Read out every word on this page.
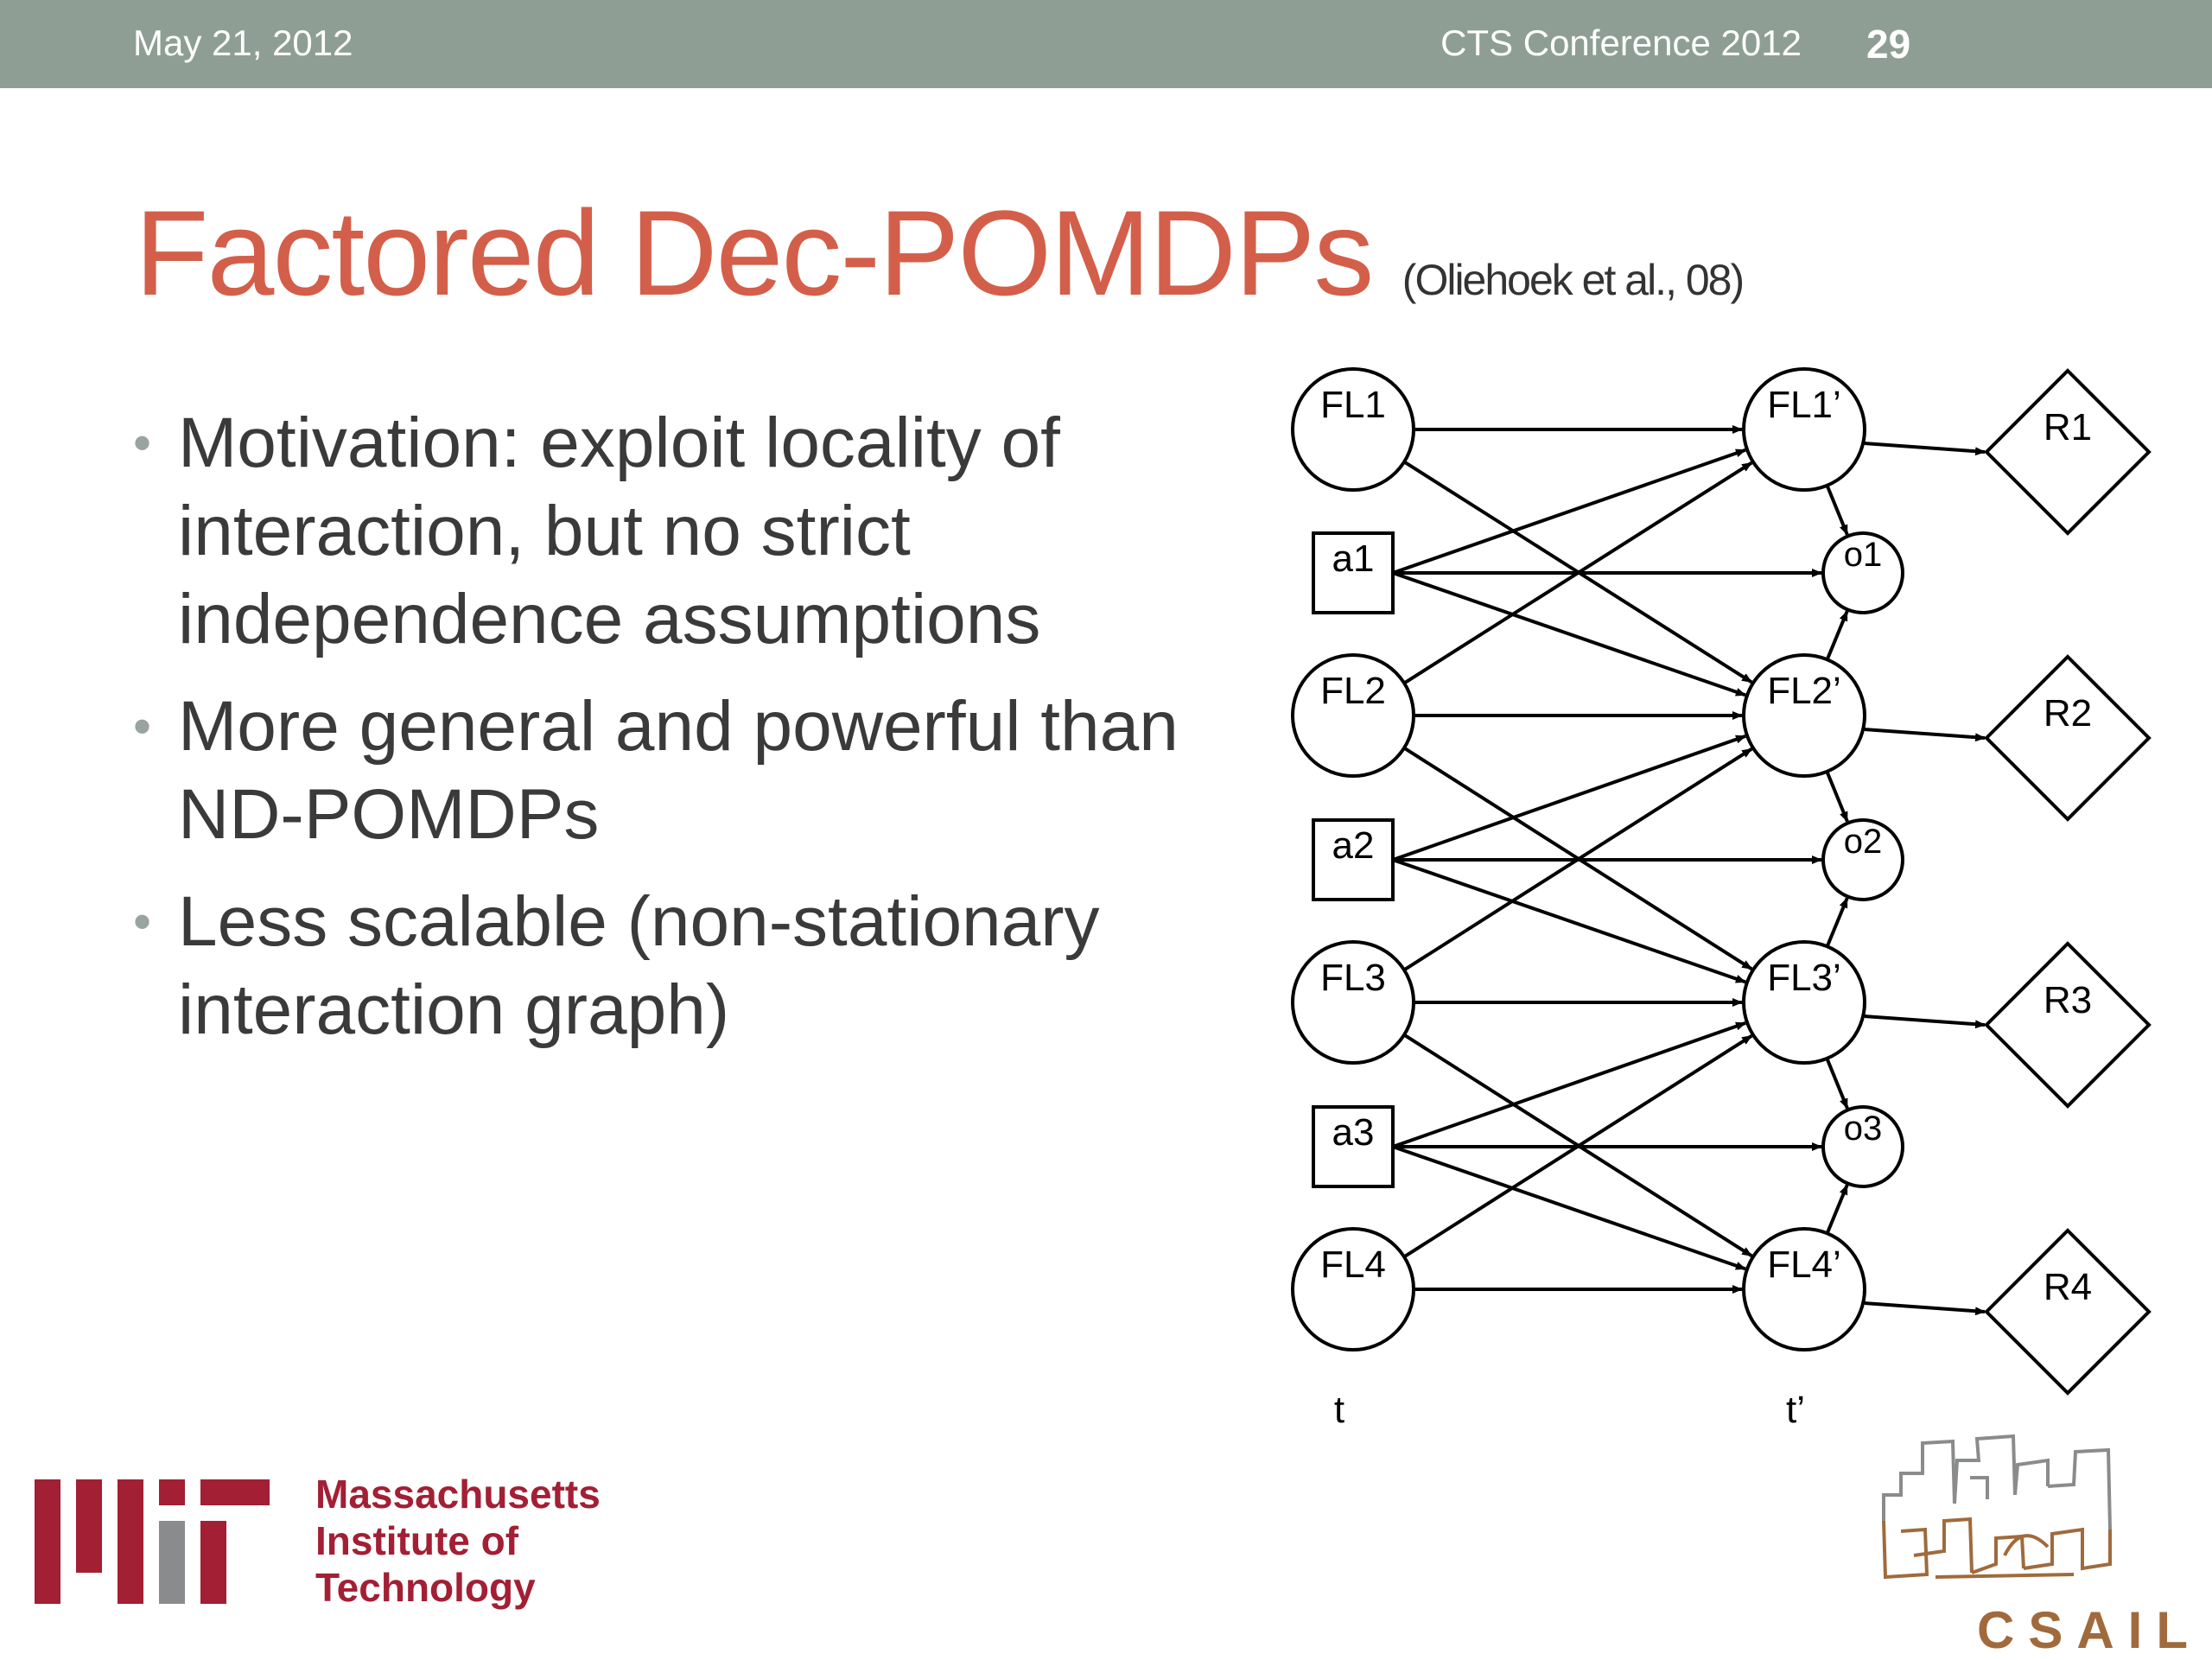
May 21, 2012	CTS Conference 2012 29
Factored Dec-POMDPs (Oliehoek et al., 08)
• Motivation: exploit locality of interaction, but no strict independence assumptions
• More general and powerful than ND-POMDPs
• Less scalable (non-stationary interaction graph)
FL1	FL1’
R1
FL2	FL2’
R2
FL3	FL3’
R3
FL4	FL4’
R4
a1
a2
a3
o1
o2
o3
t	t’
Massachusetts
Institute of
Technology
CSAIL
